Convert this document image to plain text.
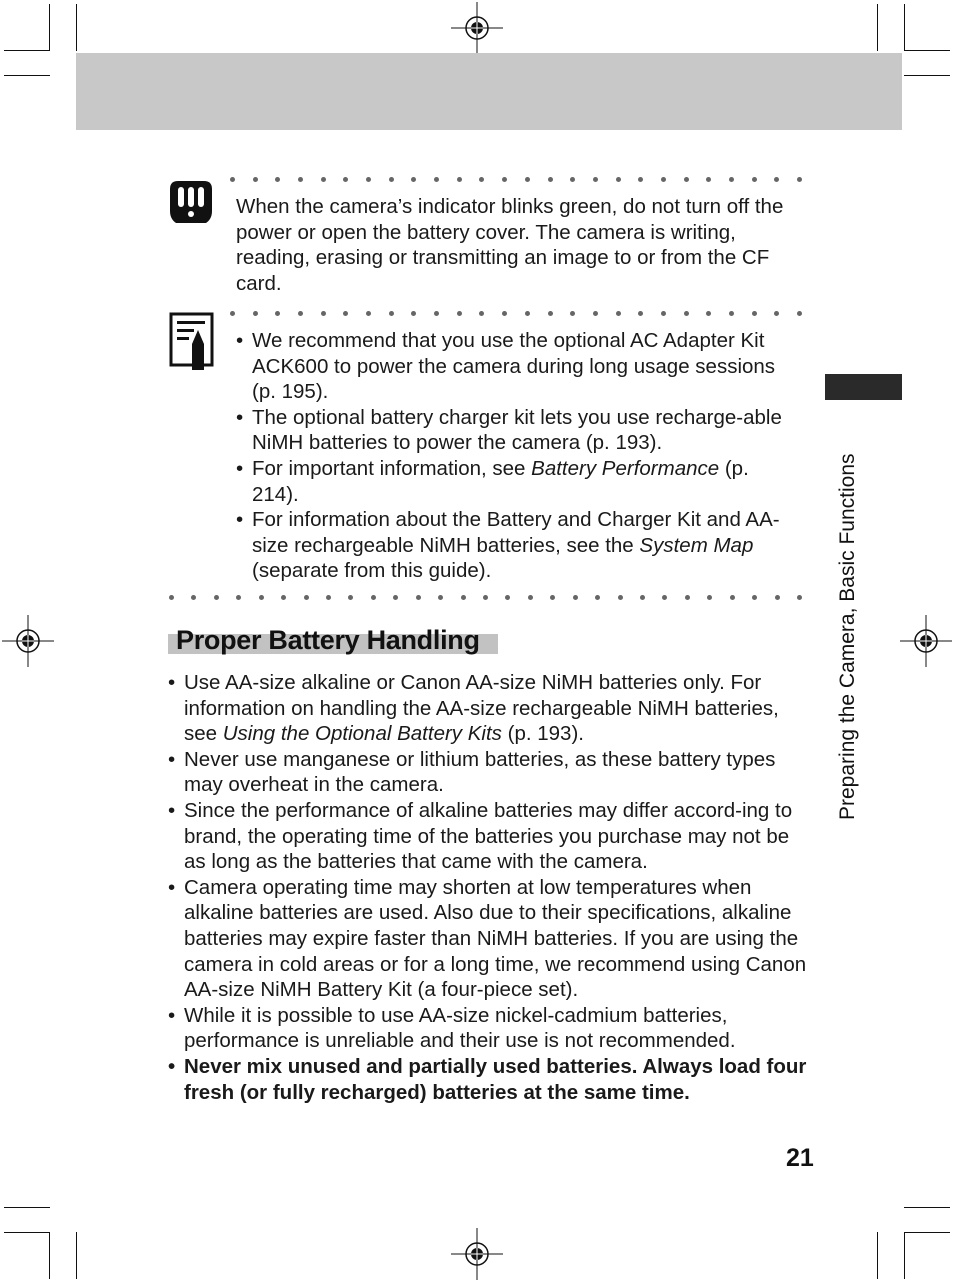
When the camera’s indicator blinks green, do not turn off the power or open the battery cover. The camera is writing, reading, erasing or transmitting an image to or from the CF card.
• We recommend that you use the optional AC Adapter Kit ACK600 to power the camera during long usage sessions (p. 195).
• The optional battery charger kit lets you use recharge-able NiMH batteries to power the camera (p. 193).
• For important information, see Battery Performance (p. 214).
• For information about the Battery and Charger Kit and AA-size rechargeable NiMH batteries, see the System Map (separate from this guide).
Proper Battery Handling
• Use AA-size alkaline or Canon AA-size NiMH batteries only. For information on handling the AA-size rechargeable NiMH batteries, see Using the Optional Battery Kits (p. 193).
• Never use manganese or lithium batteries, as these battery types may overheat in the camera.
• Since the performance of alkaline batteries may differ accord-ing to brand, the operating time of the batteries you purchase may not be as long as the batteries that came with the camera.
• Camera operating time may shorten at low temperatures when alkaline batteries are used. Also due to their specifications, alkaline batteries may expire faster than NiMH batteries. If you are using the camera in cold areas or for a long time, we recommend using Canon AA-size NiMH Battery Kit (a four-piece set).
• While it is possible to use AA-size nickel-cadmium batteries, performance is unreliable and their use is not recommended.
• Never mix unused and partially used batteries. Always load four fresh (or fully recharged) batteries at the same time.
Preparing the Camera, Basic Functions
21
